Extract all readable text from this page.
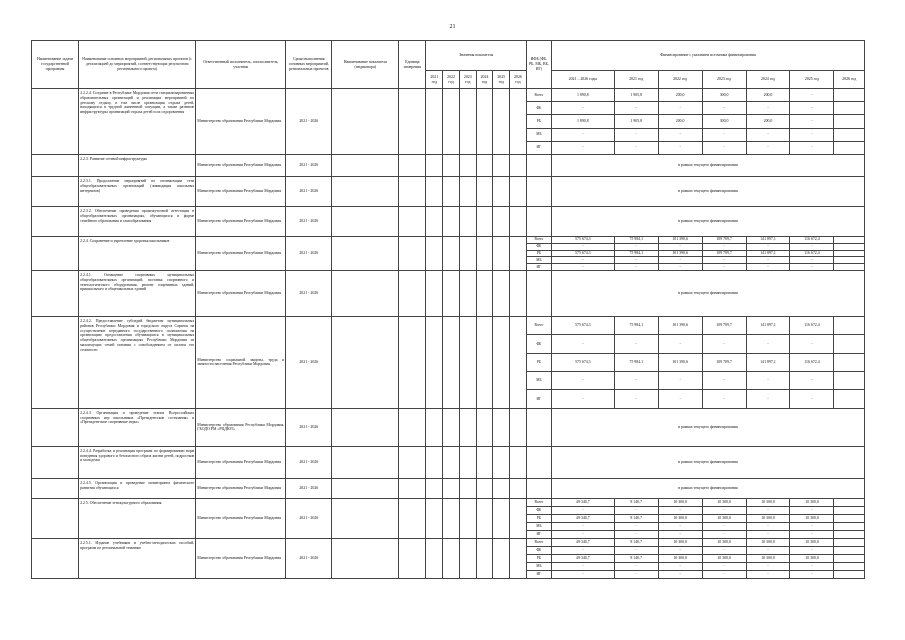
21
Наименование задачи государственной программы	Наименование основных мероприятий, региональных проектов (с детализацией до мероприятий, соответствующих результатам регионального проекта)	Ответственный исполнитель, соисполнитель, участник	Сроки выполнения основных мероприятий, региональных проектов	Наименование показателя (индикатора)	Единица измерения	Значения показателя						ИФБ (ФБ, РБ, МБ, ВБ, ИГ)	Финансирование с указанием источника финансирования						
						2021 год	2022 год	2023 год	2024 год	2025 год	2026 год		2021 – 2026 годы	2021 год	2022 год	2023 год	2024 год	2025 год	2026 год
	2.2.2.4. Создание в Республике Мордовия сети специализированных образовательных организаций и реализация мероприятий по детскому отдыху, в том числе организация отдыха детей, находящихся в трудной жизненной ситуации, а также развитие инфраструктуры организаций отдыха детей и их оздоровления	Министерство образования Республики Мордовия	2021 - 2026									Всего	1 890,8	1 905,8	200,0	300,0	200,0	-	
												ФБ	-	-	-	-	-	-	
												РБ	1 890,8	1 905,8	200,0	300,0	200,0	-	
												МБ	-	-	-	-	-	-	
												ИГ	-	-	-	-	-	-	
	2.2.3. Развитие сетевой инфраструктуры	Министерство образования Республики Мордовия	2021 - 2026										в рамках текущего финансирования						
	2.2.3.1. Продолжение мероприятий по оптимизации сети общеобразовательных организаций (ликвидация школьных интернатов)	Министерство образования Республики Мордовия	2021 - 2026										в рамках текущего финансирования						
	2.2.3.2. Обеспечение проведения промежуточной аттестации в общеобразовательных организациях, обучающихся в форме семейного образования и самообразования	Министерство образования Республики Мордовия	2021 - 2026										в рамках текущего финансирования						
	2.2.4. Сохранение и укрепление здоровья школьников	Министерство образования Республики Мордовия	2021 - 2026									Всего	575 674,3	75 984,1	101 390,6	109 709,7	141 897,1	116 672,4	
												ФБ	-	-	-	-	-	-	
												РБ	575 674,3	75 984,1	101 390,6	109 709,7	141 897,1	116 672,4	
												МБ	-	-	-	-	-	-	
												ИГ	-	-	-	-	-	-	
	2.2.4.1. Оснащение спортивных муниципальных общеобразовательных организаций, поставка спортивного и технологического оборудования, ремонт спортивных зданий, пришкольного и общешкольных зданий	Министерство образования Республики Мордовия	2021 - 2026										в рамках текущего финансирования						
	2.2.4.2. Предоставление субсидий бюджетам муниципальных районов Республики Мордовия и городского округа Саранск на осуществление переданного государственного полномочия на организацию предоставления обучающимся в муниципальных общеобразовательных организациях Республики Мордовия из малоимущих семей питания с освобождением от оплаты его стоимости	Министерство социальной защиты, труда и занятости населения Республики Мордовия	2021 - 2026									Всего	575 674,3	75 984,1	101 390,6	109 709,7	141 897,1	116 672,4	
												ФБ	-	-	-	-	-	-	
												РБ	575 674,3	75 984,1	101 390,6	109 709,7	141 897,1	116 672,4	
												МБ	-	-	-	-	-	-	
												ИГ	-	-	-	-	-	-	
	2.2.4.3. Организация и проведение этапов Всероссийских спортивных игр школьников «Президентские состязания» и «Президентские спортивные игры»	Министерство образования Республики Мордовия, ГБОДО РМ «РЦДЮТ»	2021 - 2026										в рамках текущего финансирования						
	2.2.4.4. Разработка и реализация программ по формированию норм поведения здорового и безопасного образа жизни детей, подростков и молодежи	Министерство образования Республики Мордовия	2021 - 2026										в рамках текущего финансирования						
	2.2.4.5. Организация и проведение мониторинга физического развития обучающихся	Министерство образования Республики Мордовия	2021 - 2026										в рамках текущего финансирования						
	2.2.5. Обеспечение этнокультурного образования	Министерство образования Республики Мордовия	2021 - 2026									Всего	49 340,7	8 140,7	10 300,0	10 300,0	10 300,0	10 300,0	
												ФБ	-	-	-	-	-	-	
												РБ	49 340,7	8 140,7	10 300,0	10 300,0	10 300,0	10 300,0	
												МБ	-	-	-	-	-	-	
												ИГ	-	-	-	-	-	-	
	2.2.5.1. Издание учебников и учебно-методических пособий, программ по региональной тематике	Министерство образования Республики Мордовия	2021 - 2026									Всего	49 340,7	8 140,7	10 300,0	10 300,0	10 300,0	10 300,0	
												ФБ	-	-	-	-	-	-	
												РБ	49 340,7	8 140,7	10 300,0	10 300,0	10 300,0	10 300,0	
												МБ	-	-	-	-	-	-	
												ИГ	-	-	-	-	-	-	
